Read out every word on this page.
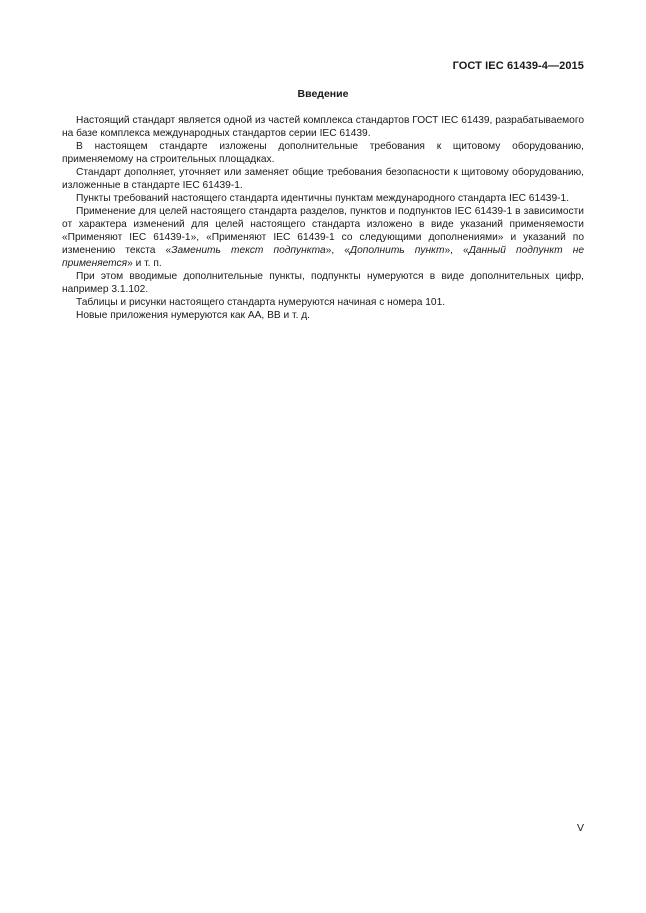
ГОСТ IEC 61439-4—2015
Введение

Настоящий стандарт является одной из частей комплекса стандартов ГОСТ IEC 61439, разрабатываемого на базе комплекса международных стандартов серии IEC 61439.

В настоящем стандарте изложены дополнительные требования к щитовому оборудованию, применяемому на строительных площадках.

Стандарт дополняет, уточняет или заменяет общие требования безопасности к щитовому оборудованию, изложенные в стандарте IEC 61439-1.

Пункты требований настоящего стандарта идентичны пунктам международного стандарта IEC 61439-1.

Применение для целей настоящего стандарта разделов, пунктов и подпунктов IEC 61439-1 в зависимости от характера изменений для целей настоящего стандарта изложено в виде указаний применяемости «Применяют IEC 61439-1», «Применяют IEC 61439-1 со следующими дополнениями» и указаний по изменению текста «Заменить текст подпункта», «Дополнить пункт», «Данный подпункт не применяется» и т. п.

При этом вводимые дополнительные пункты, подпункты нумеруются в виде дополнительных цифр, например 3.1.102.

Таблицы и рисунки настоящего стандарта нумеруются начиная с номера 101.

Новые приложения нумеруются как АА, ВВ и т. д.

V
